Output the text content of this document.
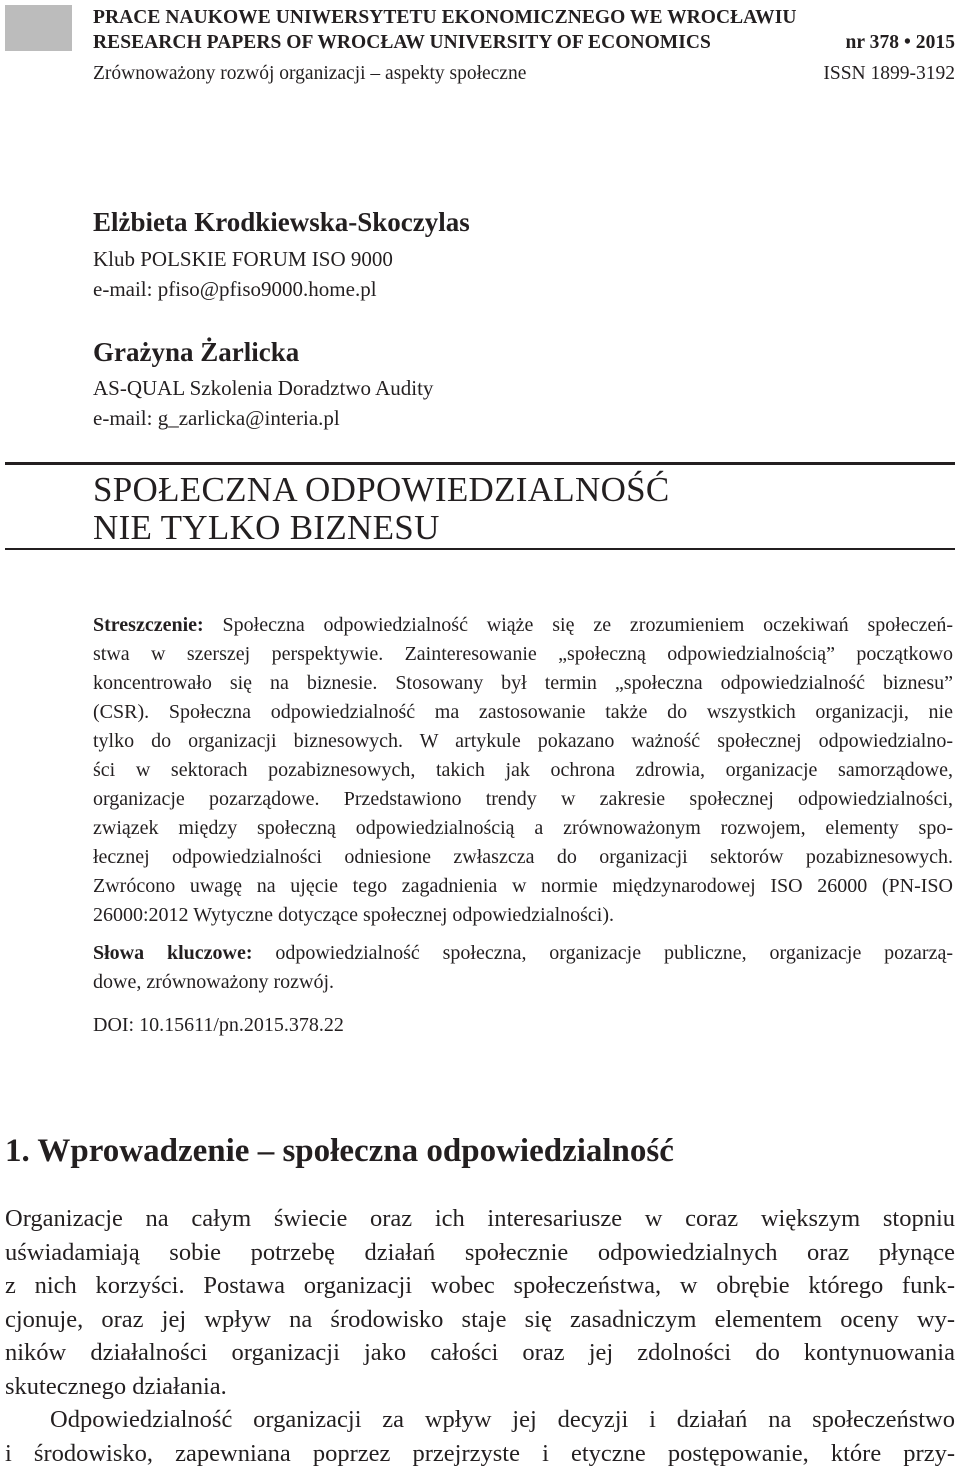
PRACE NAUKOWE UNIWERSYTETU EKONOMICZNEGO WE WROCŁAWIU
RESEARCH PAPERS OF WROCŁAW UNIVERSITY OF ECONOMICS	nr 378 • 2015
Zrównoważony rozwój organizacji – aspekty społeczne	ISSN 1899-3192
Elżbieta Krodkiewska-Skoczylas
Klub POLSKIE FORUM ISO 9000
e-mail: pfiso@pfiso9000.home.pl
Grażyna Żarlicka
AS-QUAL Szkolenia Doradztwo Audity
e-mail: g_zarlicka@interia.pl
SPOŁECZNA ODPOWIEDZIALNOŚĆ
NIE TYLKO BIZNESU

Streszczenie: Społeczna odpowiedzialność wiąże się ze zrozumieniem oczekiwań społeczeń-

stwa w szerszej perspektywie. Zainteresowanie „społeczną odpowiedzialnością” początkowo

koncentrowało się na biznesie. Stosowany był termin „społeczna odpowiedzialność biznesu”

(CSR). Społeczna odpowiedzialność ma zastosowanie także do wszystkich organizacji, nie

tylko do organizacji biznesowych. W artykule pokazano ważność społecznej odpowiedzialno-

ści w sektorach pozabiznesowych, takich jak ochrona zdrowia, organizacje samorządowe,

organizacje pozarządowe. Przedstawiono trendy w zakresie społecznej odpowiedzialności,

związek między społeczną odpowiedzialnością a zrównoważonym rozwojem, elementy spo-

łecznej odpowiedzialności odniesione zwłaszcza do organizacji sektorów pozabiznesowych.

Zwrócono uwagę na ujęcie tego zagadnienia w normie międzynarodowej ISO 26000 (PN-ISO

26000:2012 Wytyczne dotyczące społecznej odpowiedzialności).

Słowa kluczowe: odpowiedzialność społeczna, organizacje publiczne, organizacje pozarzą-

dowe, zrównoważony rozwój.

DOI: 10.15611/pn.2015.378.22
1. Wprowadzenie – społeczna odpowiedzialność
Organizacje na całym świecie oraz ich interesariusze w coraz większym stopniu
uświadamiają sobie potrzebę działań społecznie odpowiedzialnych oraz płynące
z nich korzyści. Postawa organizacji wobec społeczeństwa, w obrębie którego funk-
cjonuje, oraz jej wpływ na środowisko staje się zasadniczym elementem oceny wy-
ników działalności organizacji jako całości oraz jej zdolności do kontynuowania
skutecznego działania.
Odpowiedzialność organizacji za wpływ jej decyzji i działań na społeczeństwo
i środowisko, zapewniana poprzez przejrzyste i etyczne postępowanie, które przy-
